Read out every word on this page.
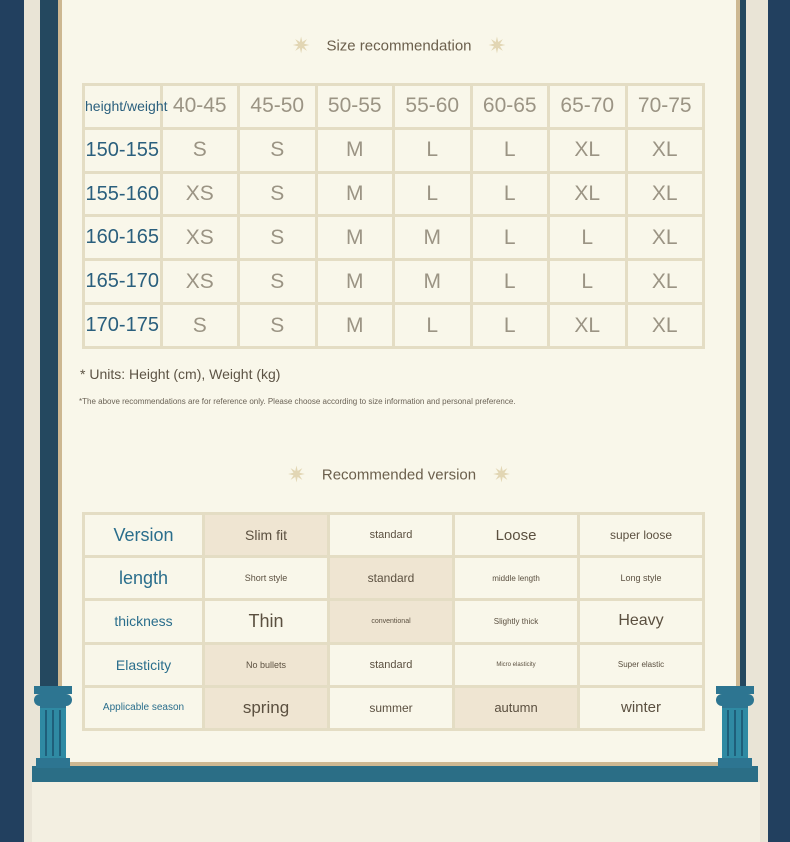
✷ Size recommendation ✷
height/weight	40-45	45-50	50-55	55-60	60-65	65-70	70-75
150-155	S	S	M	L	L	XL	XL
155-160	XS	S	M	L	L	XL	XL
160-165	XS	S	M	M	L	L	XL
165-170	XS	S	M	M	L	L	XL
170-175	S	S	M	L	L	XL	XL
* Units: Height (cm), Weight (kg)
*The above recommendations are for reference only. Please choose according to size information and personal preference.
✷ Recommended version ✷
Version	Slim fit	standard	Loose	super loose
length	Short style	standard	middle length	Long style
thickness	Thin	conventional	Slightly thick	Heavy
Elasticity	No bullets	standard	Micro elasticity	Super elastic
Applicable season	spring	summer	autumn	winter
